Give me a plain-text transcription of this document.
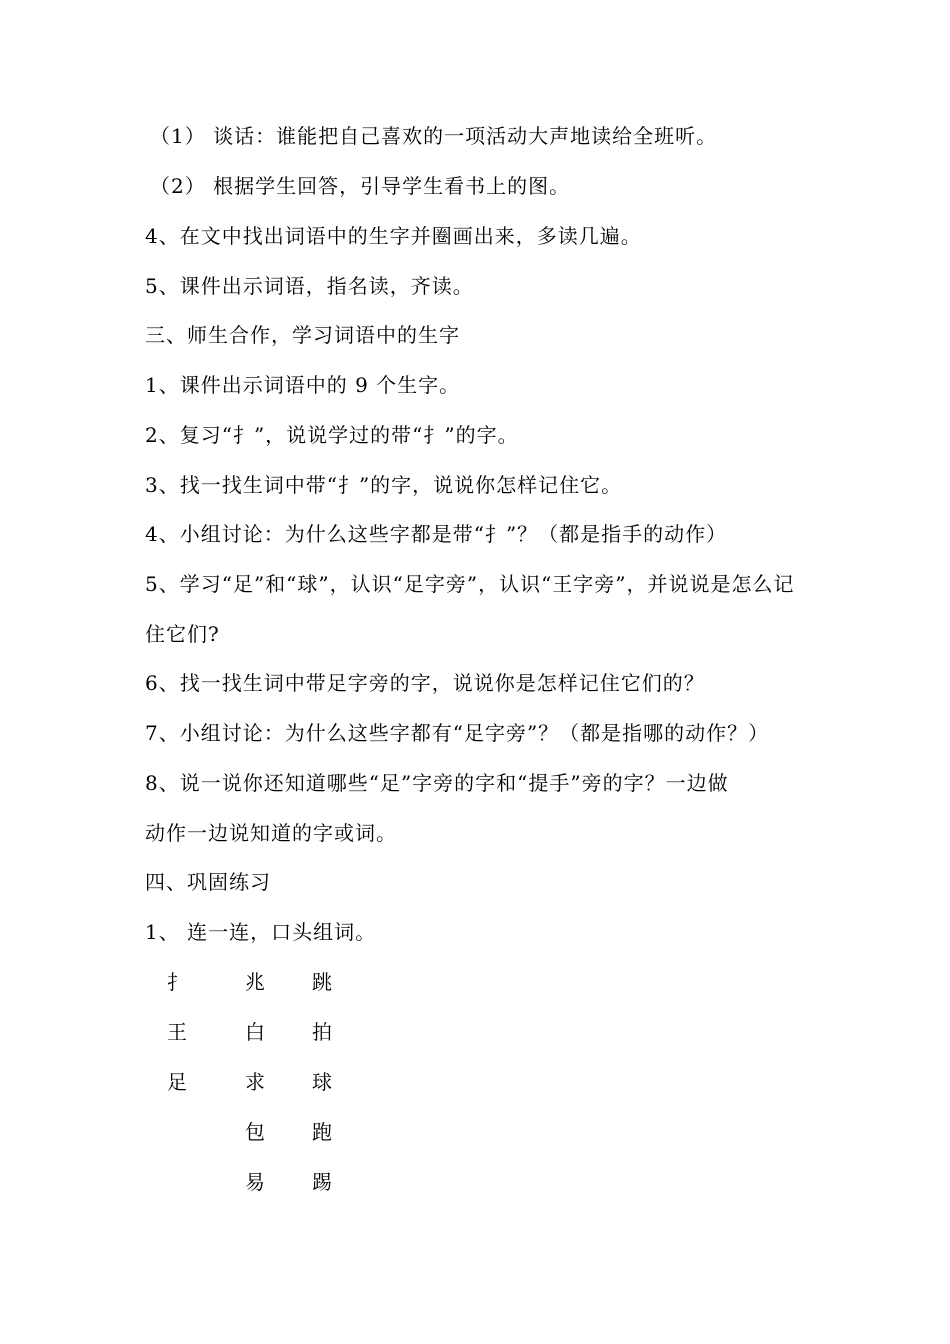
（1） 谈话：谁能把自己喜欢的一项活动大声地读给全班听。
（2） 根据学生回答，引导学生看书上的图。
4、在文中找出词语中的生字并圈画出来，多读几遍。
5、课件出示词语，指名读，齐读。
三、师生合作，学习词语中的生字
1、课件出示词语中的 9 个生字。
2、复习“扌”，说说学过的带“扌”的字。
3、找一找生词中带“扌”的字，说说你怎样记住它。
4、小组讨论：为什么这些字都是带“扌”？（都是指手的动作）
5、学习“足”和“球”，认识“足字旁”，认识“王字旁”，并说说是怎么记
住它们?
6、找一找生词中带足字旁的字，说说你是怎样记住它们的？
7、小组讨论：为什么这些字都有“足字旁”？（都是指哪的动作？）
8、说一说你还知道哪些“足”字旁的字和“提手”旁的字？一边做
动作一边说知道的字或词。
四、巩固练习
1、 连一连，口头组词。
扌
王
足
兆
白
求
包
易
跳
拍
球
跑
踢
